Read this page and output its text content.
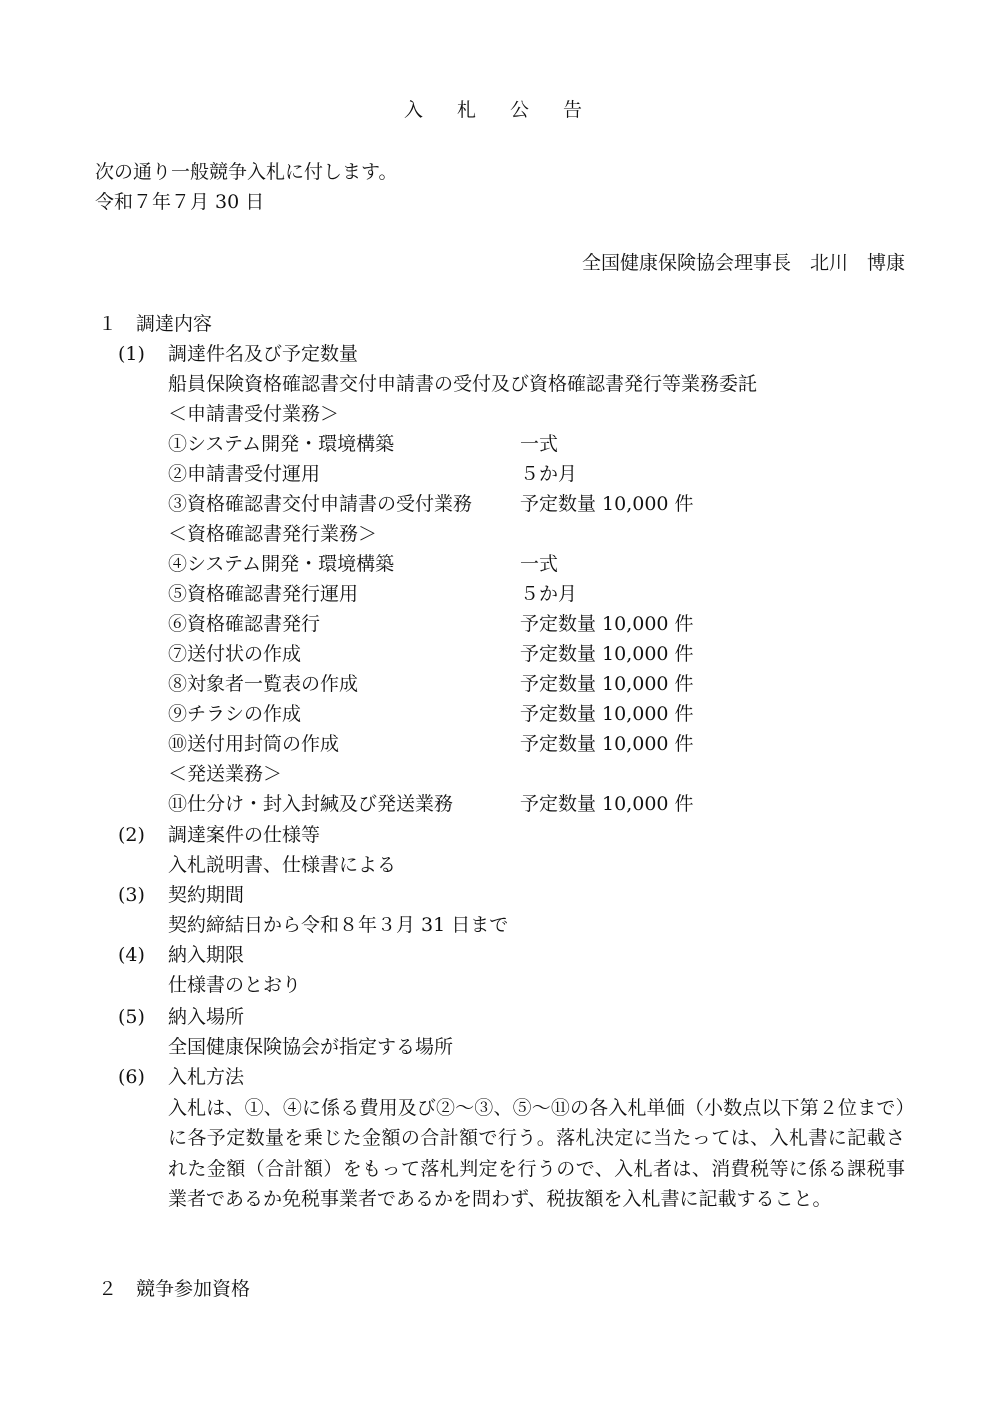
入 札 公 告
次の通り一般競争入札に付します。
令和７年７月 30 日
全国健康保険協会理事長　北川　博康
１ 調達内容
(1) 調達件名及び予定数量
船員保険資格確認書交付申請書の受付及び資格確認書発行等業務委託
＜申請書受付業務＞
①システム開発・環境構築	一式
②申請書受付運用	５か月
③資格確認書交付申請書の受付業務	予定数量 10,000 件
＜資格確認書発行業務＞
④システム開発・環境構築	一式
⑤資格確認書発行運用	５か月
⑥資格確認書発行	予定数量 10,000 件
⑦送付状の作成	予定数量 10,000 件
⑧対象者一覧表の作成	予定数量 10,000 件
⑨チラシの作成	予定数量 10,000 件
⑩送付用封筒の作成	予定数量 10,000 件
＜発送業務＞
⑪仕分け・封入封緘及び発送業務	予定数量 10,000 件
(2) 調達案件の仕様等
入札説明書、仕様書による
(3) 契約期間
契約締結日から令和８年３月 31 日まで
(4) 納入期限
仕様書のとおり
(5) 納入場所
全国健康保険協会が指定する場所
(6) 入札方法
入札は、①、④に係る費用及び②～③、⑤～⑪の各入札単価（小数点以下第２位まで）に各予定数量を乗じた金額の合計額で行う。落札決定に当たっては、入札書に記載された金額（合計額）をもって落札判定を行うので、入札者は、消費税等に係る課税事業者であるか免税事業者であるかを問わず、税抜額を入札書に記載すること。
２ 競争参加資格
